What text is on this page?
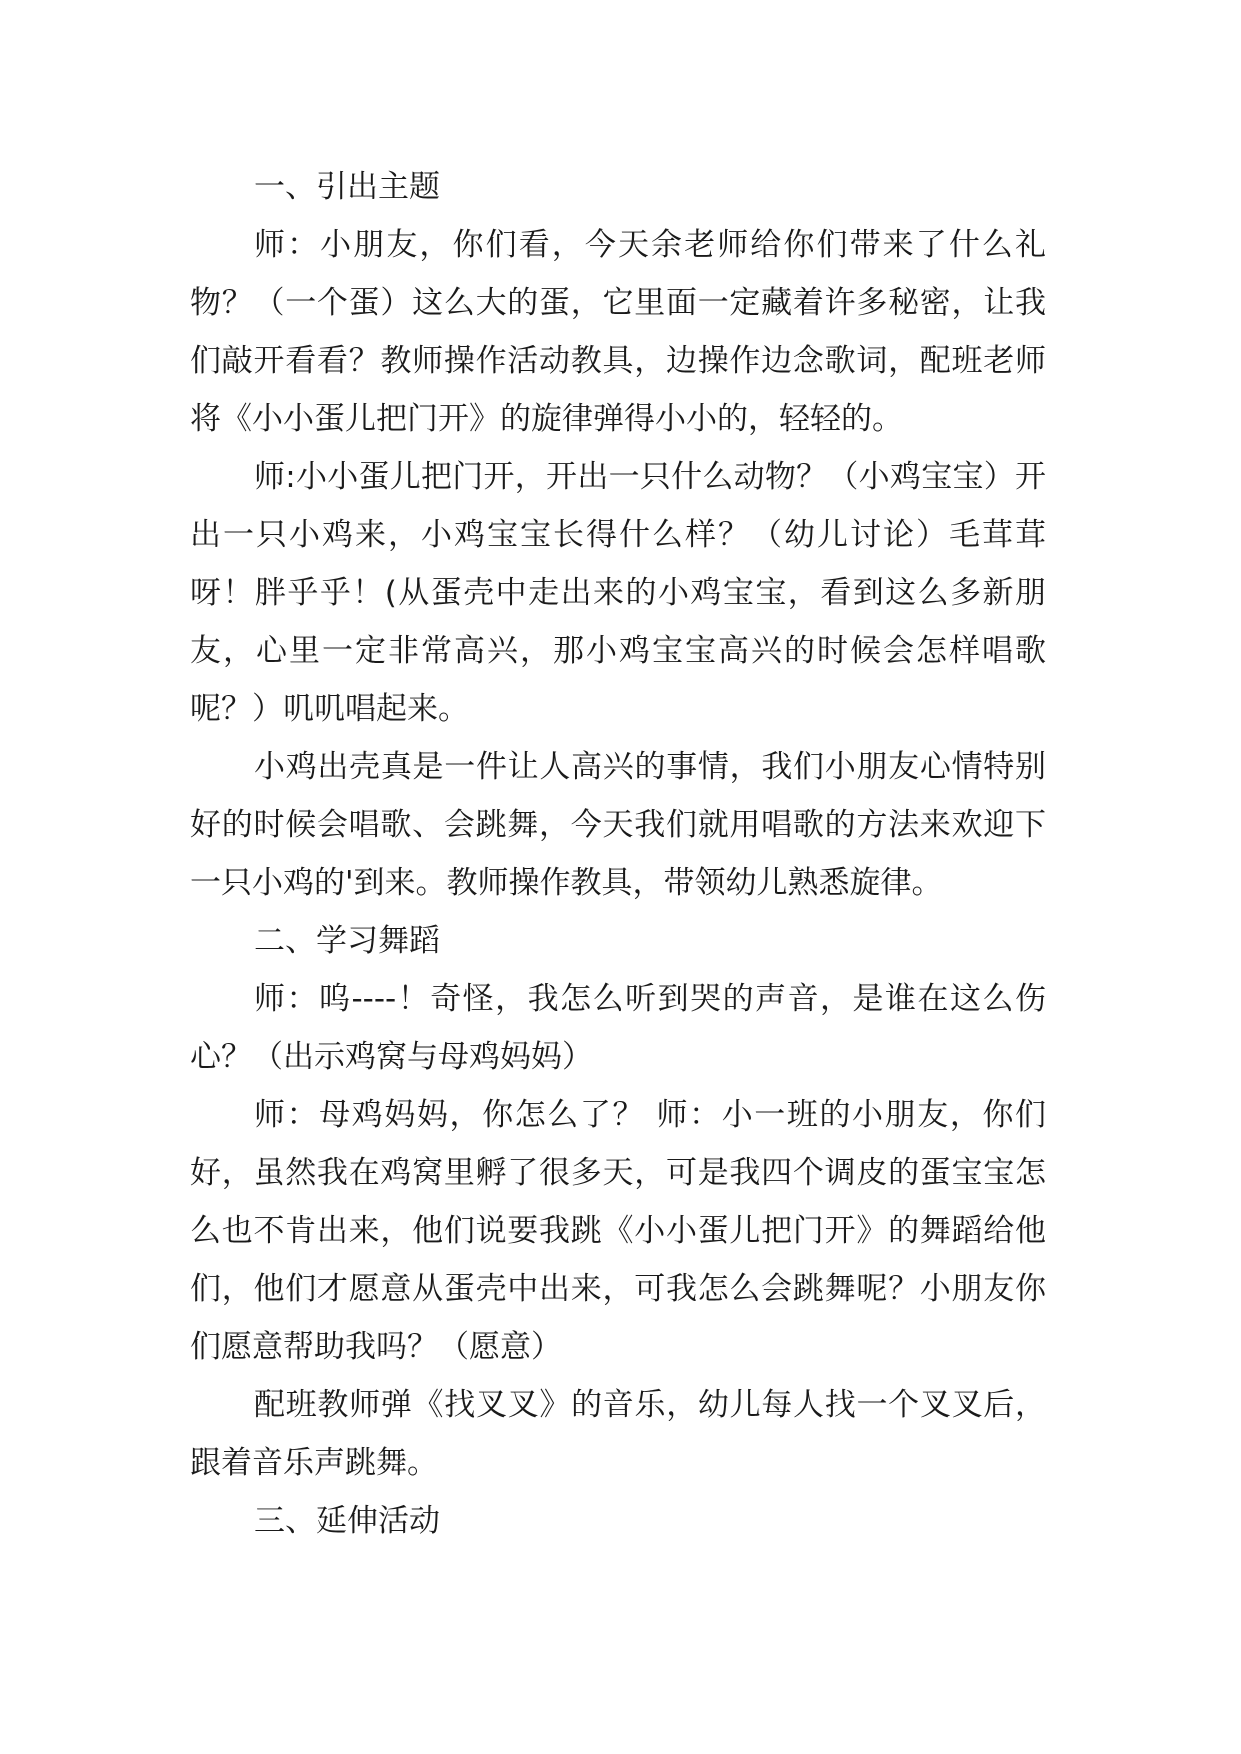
一、引出主题

师：小朋友，你们看，今天余老师给你们带来了什么礼物？（一个蛋）这么大的蛋，它里面一定藏着许多秘密，让我们敲开看看？教师操作活动教具，边操作边念歌词，配班老师将《小小蛋儿把门开》的旋律弹得小小的，轻轻的。

师:小小蛋儿把门开，开出一只什么动物？（小鸡宝宝）开出一只小鸡来，小鸡宝宝长得什么样？（幼儿讨论）毛茸茸呀！胖乎乎！(从蛋壳中走出来的小鸡宝宝，看到这么多新朋友，心里一定非常高兴，那小鸡宝宝高兴的时候会怎样唱歌呢？）叽叽唱起来。

小鸡出壳真是一件让人高兴的事情，我们小朋友心情特别好的时候会唱歌、会跳舞，今天我们就用唱歌的方法来欢迎下一只小鸡的'到来。教师操作教具，带领幼儿熟悉旋律。

二、学习舞蹈

师：呜----！奇怪，我怎么听到哭的声音，是谁在这么伤心？（出示鸡窝与母鸡妈妈）

师：母鸡妈妈，你怎么了？ 师：小一班的小朋友，你们好，虽然我在鸡窝里孵了很多天，可是我四个调皮的蛋宝宝怎么也不肯出来，他们说要我跳《小小蛋儿把门开》的舞蹈给他们，他们才愿意从蛋壳中出来，可我怎么会跳舞呢？小朋友你们愿意帮助我吗？（愿意）

配班教师弹《找叉叉》的音乐，幼儿每人找一个叉叉后，跟着音乐声跳舞。

三、延伸活动
